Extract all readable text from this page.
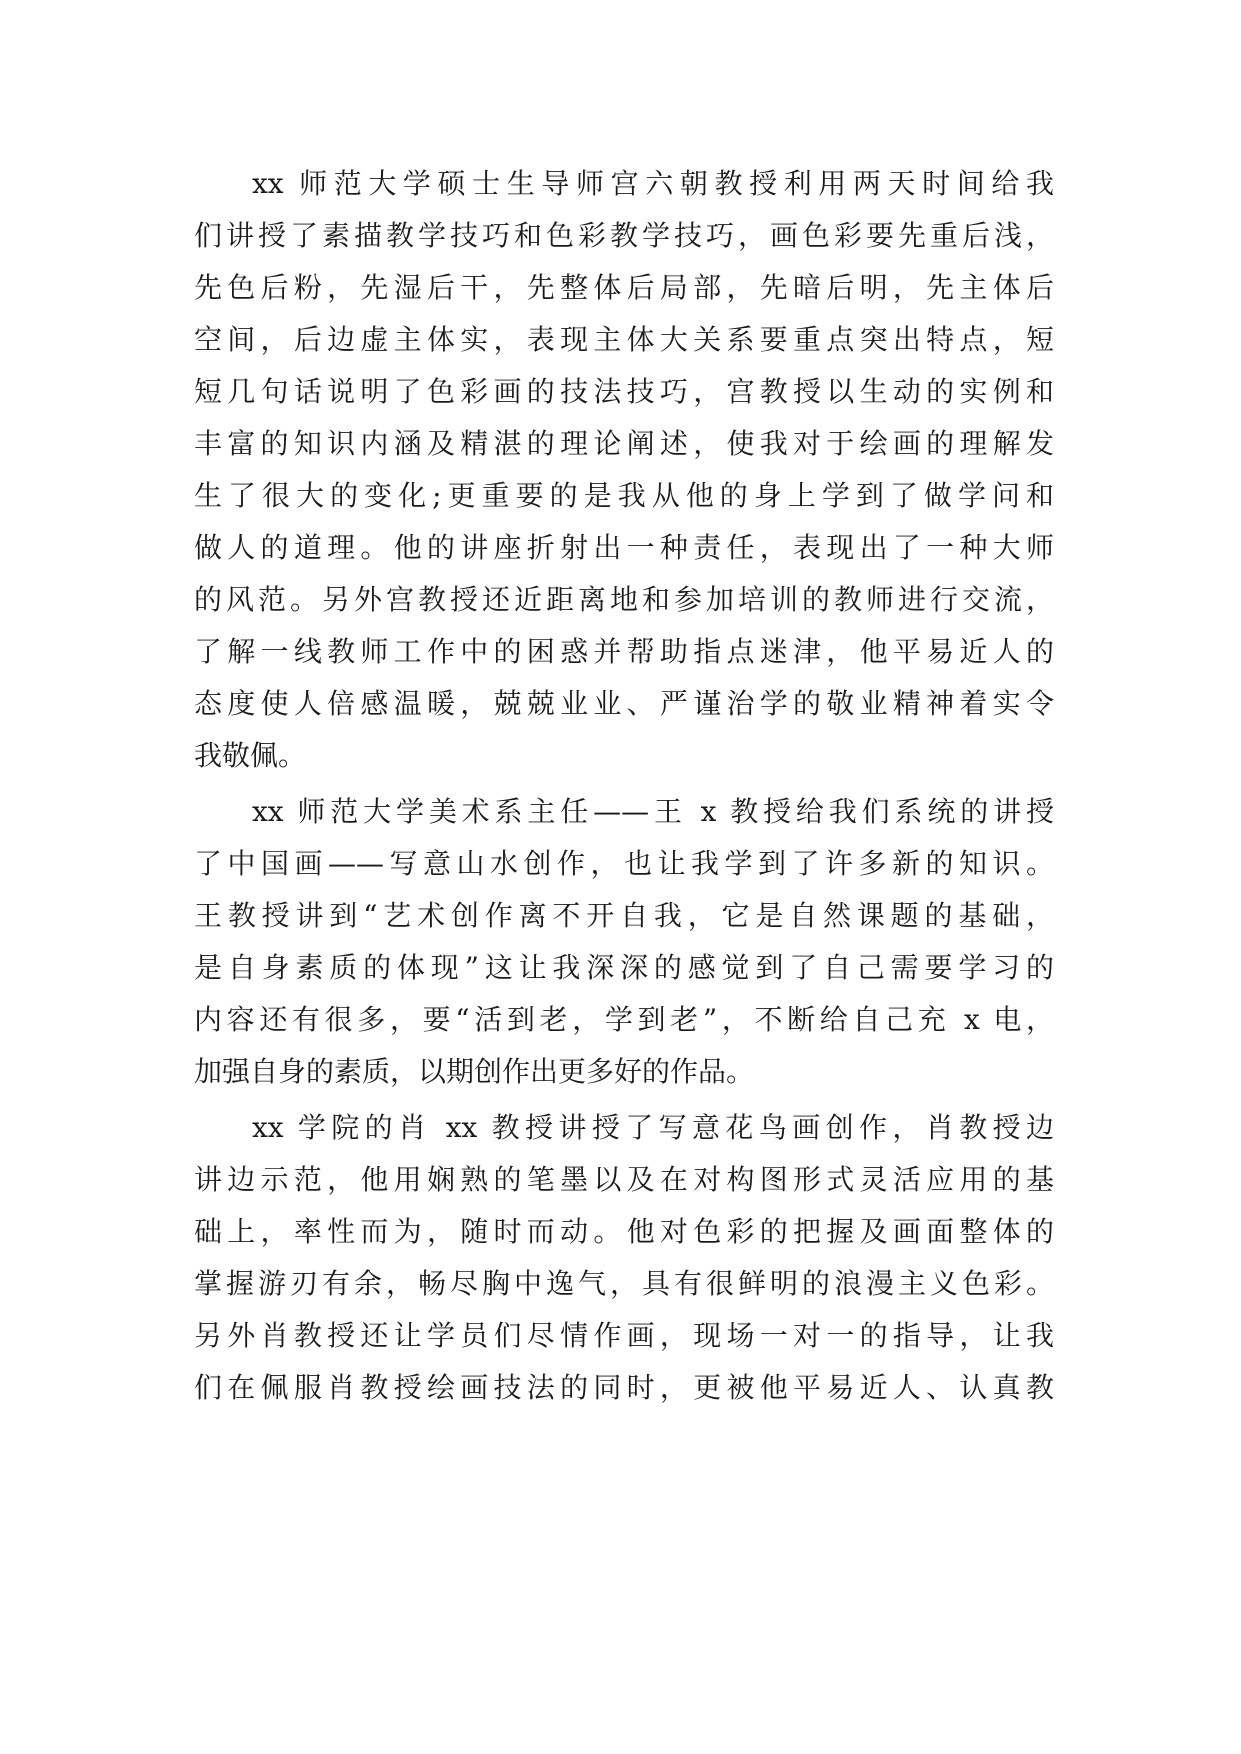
xx 师范大学硕士生导师宫六朝教授利用两天时间给我
们讲授了素描教学技巧和色彩教学技巧，画色彩要先重后浅，
先色后粉，先湿后干，先整体后局部，先暗后明，先主体后
空间，后边虚主体实，表现主体大关系要重点突出特点，短
短几句话说明了色彩画的技法技巧，宫教授以生动的实例和
丰富的知识内涵及精湛的理论阐述，使我对于绘画的理解发
生了很大的变化;更重要的是我从他的身上学到了做学问和
做人的道理。他的讲座折射出一种责任，表现出了一种大师
的风范。另外宫教授还近距离地和参加培训的教师进行交流，
了解一线教师工作中的困惑并帮助指点迷津，他平易近人的
态度使人倍感温暖，兢兢业业、严谨治学的敬业精神着实令
我敬佩。
xx 师范大学美术系主任——王 x 教授给我们系统的讲授
了中国画——写意山水创作，也让我学到了许多新的知识。
王教授讲到“艺术创作离不开自我，它是自然课题的基础，
是自身素质的体现”这让我深深的感觉到了自己需要学习的
内容还有很多，要“活到老，学到老”，不断给自己充 x 电，
加强自身的素质，以期创作出更多好的作品。
xx 学院的肖 xx 教授讲授了写意花鸟画创作，肖教授边
讲边示范，他用娴熟的笔墨以及在对构图形式灵活应用的基
础上，率性而为，随时而动。他对色彩的把握及画面整体的
掌握游刃有余，畅尽胸中逸气，具有很鲜明的浪漫主义色彩。
另外肖教授还让学员们尽情作画，现场一对一的指导，让我
们在佩服肖教授绘画技法的同时，更被他平易近人、认真教
